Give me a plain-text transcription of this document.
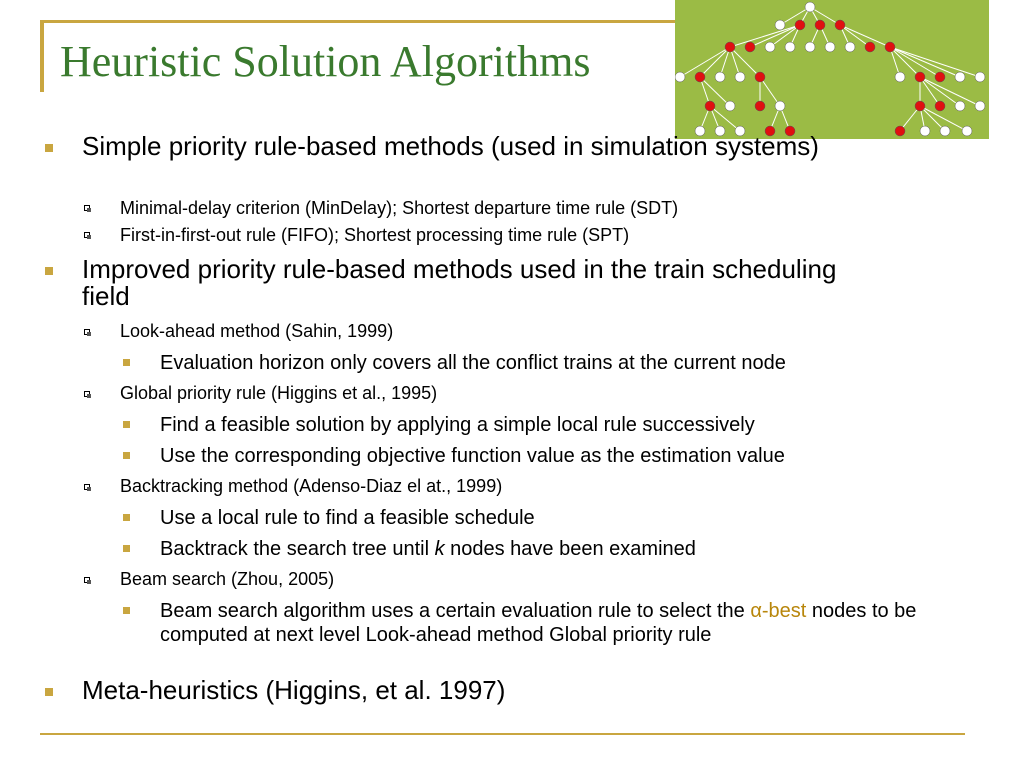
Heuristic Solution Algorithms
Simple priority rule-based methods (used in simulation systems)
Minimal-delay criterion (MinDelay); Shortest departure time rule (SDT)
First-in-first-out rule (FIFO); Shortest processing time rule (SPT)
Improved priority rule-based methods used in the train scheduling field
Look-ahead method (Sahin, 1999)
Evaluation horizon only covers all the conflict trains at the current node
Global priority rule (Higgins et al., 1995)
Find a feasible solution by applying a simple local rule successively
Use the corresponding objective function value as the estimation value
Backtracking method (Adenso-Diaz el at., 1999)
Use a local rule to find a feasible schedule
Backtrack the search tree until k nodes have been examined
Beam search (Zhou, 2005)
Beam search algorithm uses a certain evaluation rule to select the α-best nodes to be computed at next level Look-ahead method Global priority rule
Meta-heuristics (Higgins, et al. 1997)
